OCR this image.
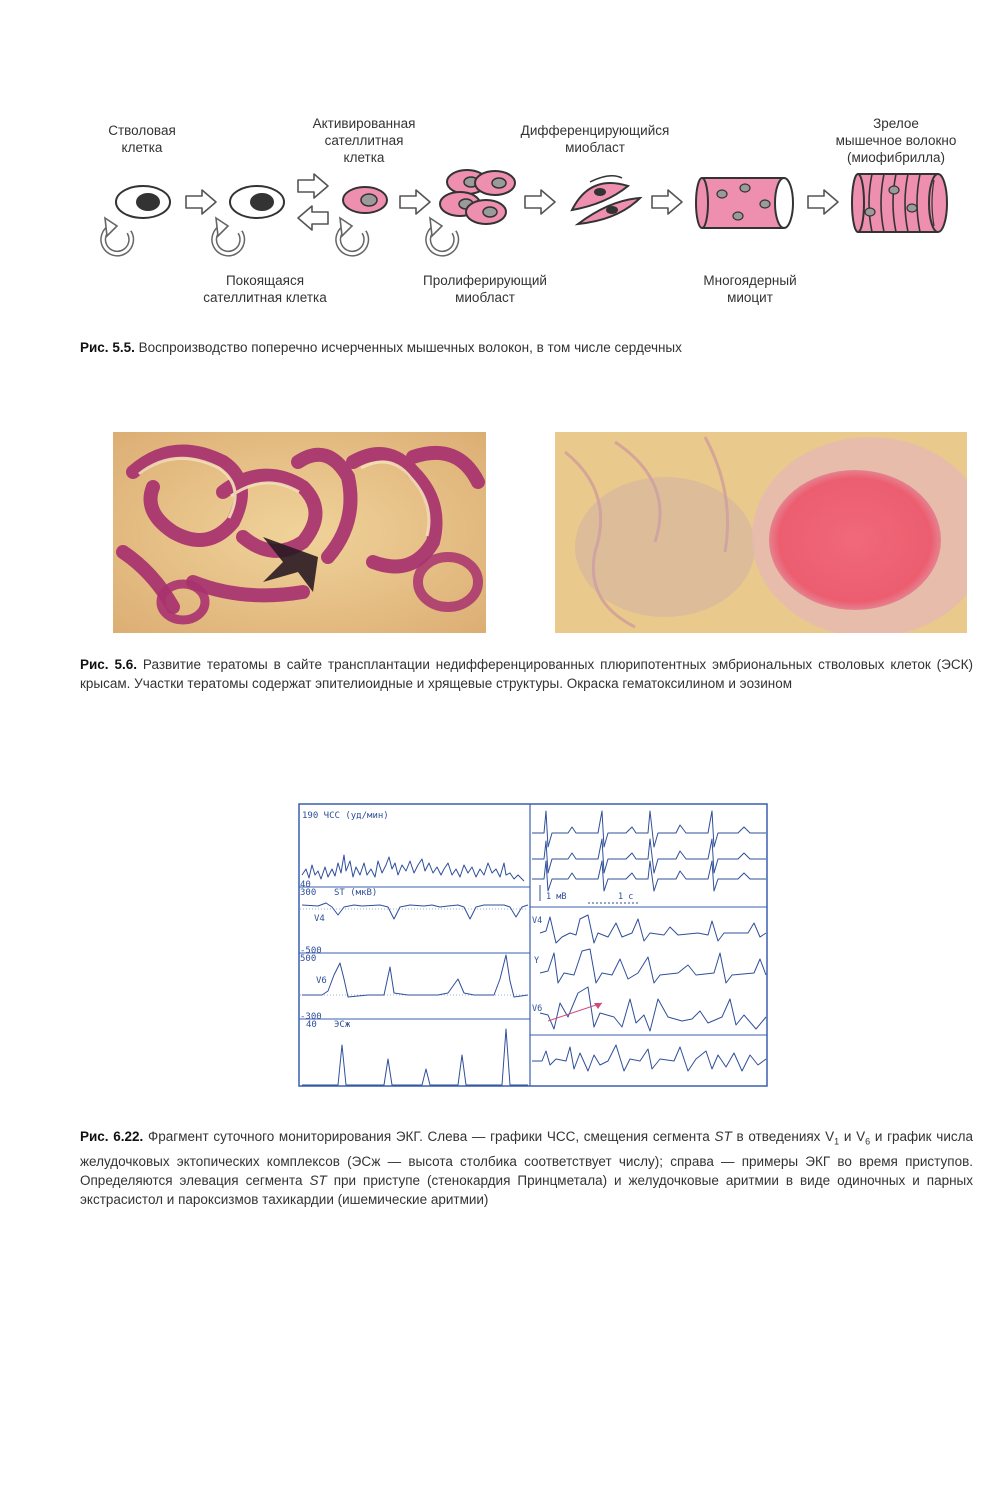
Стволовая
клетка
Активированная
сателлитная
клетка
Дифференцирующийся
миобласт
Зрелое
мышечное волокно
(миофибрилла)
Покоящаяся
сателлитная клетка
Пролиферирующий
миобласт
Многоядерный
миоцит
Рис. 5.5. Воспроизводство поперечно исчерченных мышечных волокон, в том числе сердечных
Рис. 5.6. Развитие тератомы в сайте трансплантации недифференцированных плюрипотентных эмбриональных стволовых клеток (ЭСК) крысам. Участки тератомы содержат эпителиоидные и хрящевые структуры. Окраска гематоксилином и эозином
190 ЧСС (уд/мин)
40
300 ST (мкВ)
V4
-500
500
V6
-300
40 ЭСж
1 мВ	1 с
V4
Y
V6
Рис. 6.22. Фрагмент суточного мониторирования ЭКГ. Слева — графики ЧСС, смещения сегмента ST в отведениях $V_1$ и $V_6$ и график числа желудочковых эктопических комплексов (ЭСж — высота столбика соответствует числу); справа — примеры ЭКГ во время приступов. Определяются элевация сегмента ST при приступе (стенокардия Принцметала) и желудочковые аритмии в виде одиночных и парных экстрасистол и пароксизмов тахикардии (ишемические аритмии)
